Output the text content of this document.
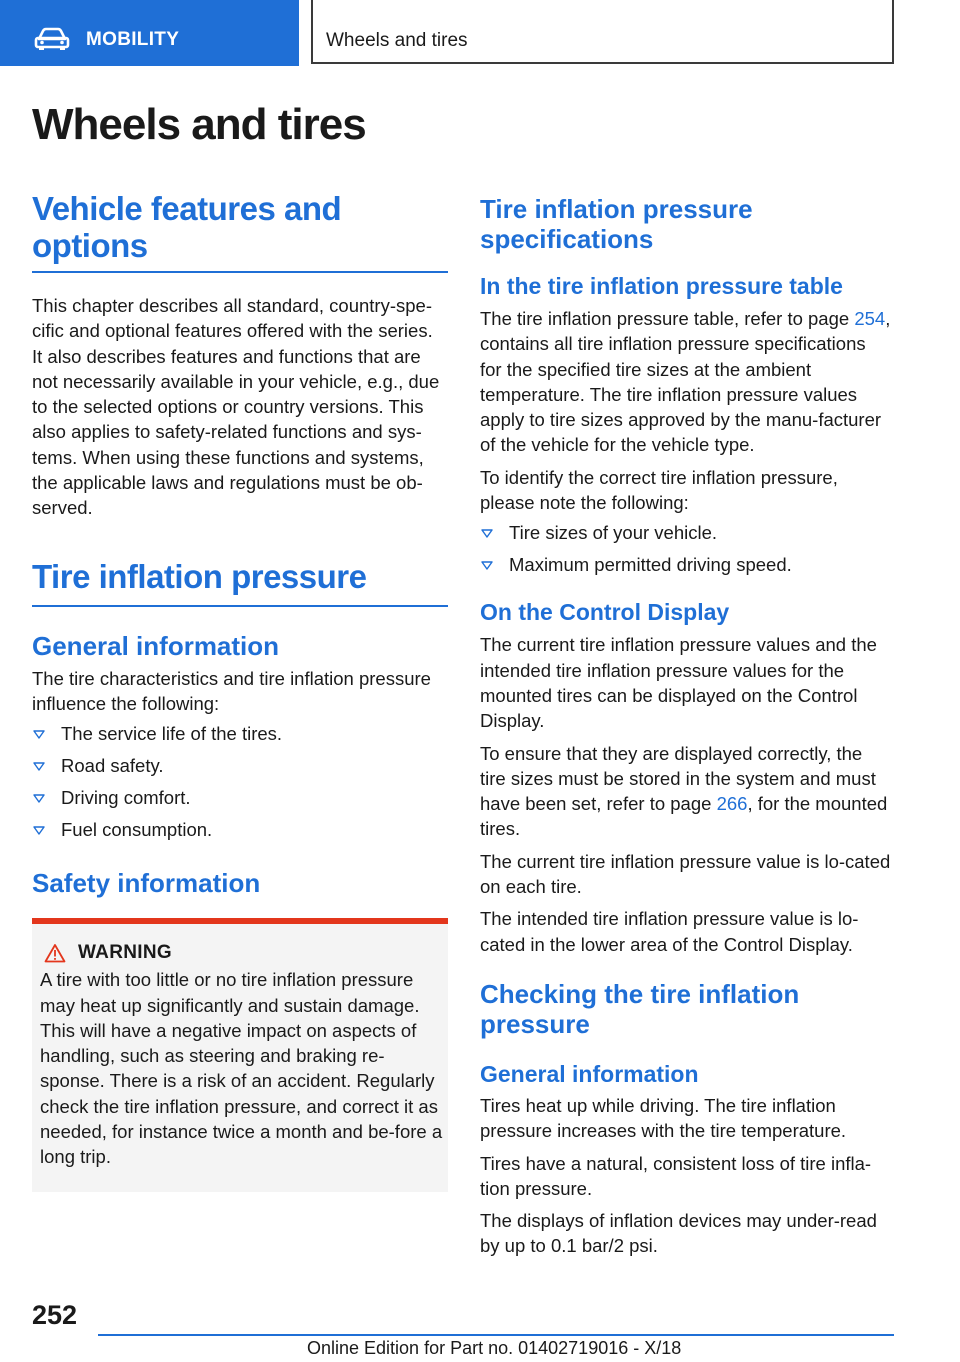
MOBILITY	Wheels and tires
Wheels and tires
Vehicle features and options

This chapter describes all standard, country-spe-cific and optional features offered with the series. It also describes features and functions that are not necessarily available in your vehicle, e.g., due to the selected options or country versions. This also applies to safety-related functions and sys-tems. When using these functions and systems, the applicable laws and regulations must be ob-served.

Tire inflation pressure
General information

The tire characteristics and tire inflation pressure influence the following:

The service life of the tires.
Road safety.
Driving comfort.
Fuel consumption.
Safety information
WARNING

A tire with too little or no tire inflation pressure may heat up significantly and sustain damage. This will have a negative impact on aspects of handling, such as steering and braking re-sponse. There is a risk of an accident. Regularly check the tire inflation pressure, and correct it as needed, for instance twice a month and be-fore a long trip.

Tire inflation pressure specifications
In the tire inflation pressure table

The tire inflation pressure table, refer to page 254, contains all tire inflation pressure specifications for the specified tire sizes at the ambient temperature. The tire inflation pressure values apply to tire sizes approved by the manu-facturer of the vehicle for the vehicle type.

To identify the correct tire inflation pressure, please note the following:

Tire sizes of your vehicle.
Maximum permitted driving speed.
On the Control Display

The current tire inflation pressure values and the intended tire inflation pressure values for the mounted tires can be displayed on the Control Display.

To ensure that they are displayed correctly, the tire sizes must be stored in the system and must have been set, refer to page 266, for the mounted tires.

The current tire inflation pressure value is lo-cated on each tire.

The intended tire inflation pressure value is lo-cated in the lower area of the Control Display.

Checking the tire inflation pressure
General information

Tires heat up while driving. The tire inflation pressure increases with the tire temperature.

Tires have a natural, consistent loss of tire infla-tion pressure.

The displays of inflation devices may under-read by up to 0.1 bar/2 psi.

252
Online Edition for Part no. 01402719016 - X/18
